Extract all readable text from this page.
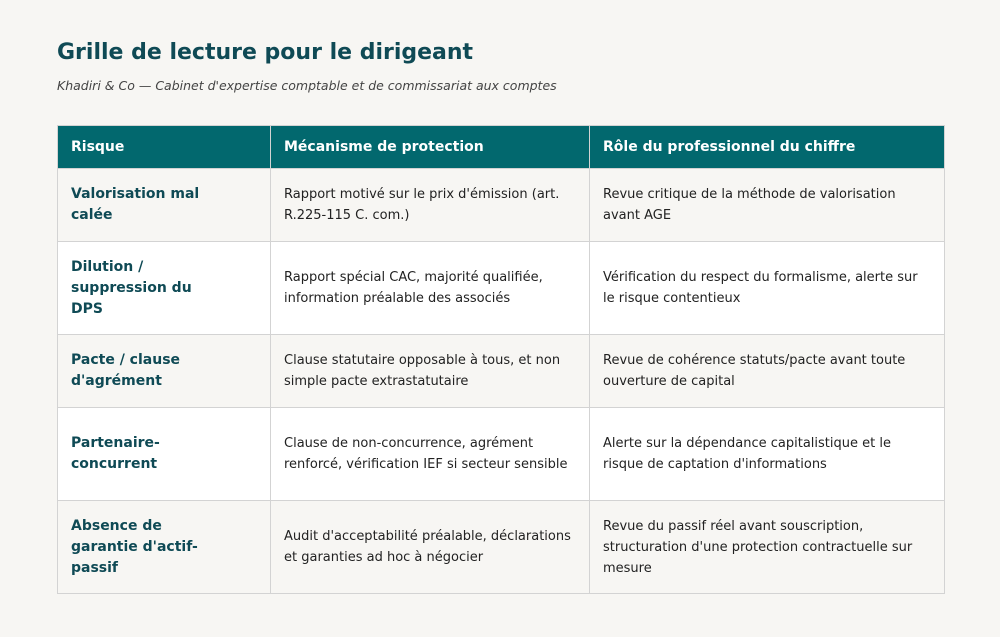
Grille de lecture pour le dirigeant

Khadiri & Co — Cabinet d'expertise comptable et de commissariat aux comptes

Risque	Mécanisme de protection	Rôle du professionnel du chiffre
Valorisation mal calée	Rapport motivé sur le prix d'émission (art. R.225-115 C. com.)	Revue critique de la méthode de valorisation avant AGE
Dilution / suppression du DPS	Rapport spécial CAC, majorité qualifiée, information préalable des associés	Vérification du respect du formalisme, alerte sur le risque contentieux
Pacte / clause d'agrément	Clause statutaire opposable à tous, et non simple pacte extrastatutaire	Revue de cohérence statuts/pacte avant toute ouverture de capital
Partenaire-concurrent	Clause de non-concurrence, agrément renforcé, vérification IEF si secteur sensible	Alerte sur la dépendance capitalistique et le risque de captation d'informations
Absence de garantie d'actif-passif	Audit d'acceptabilité préalable, déclarations et garanties ad hoc à négocier	Revue du passif réel avant souscription, structuration d'une protection contractuelle sur mesure
